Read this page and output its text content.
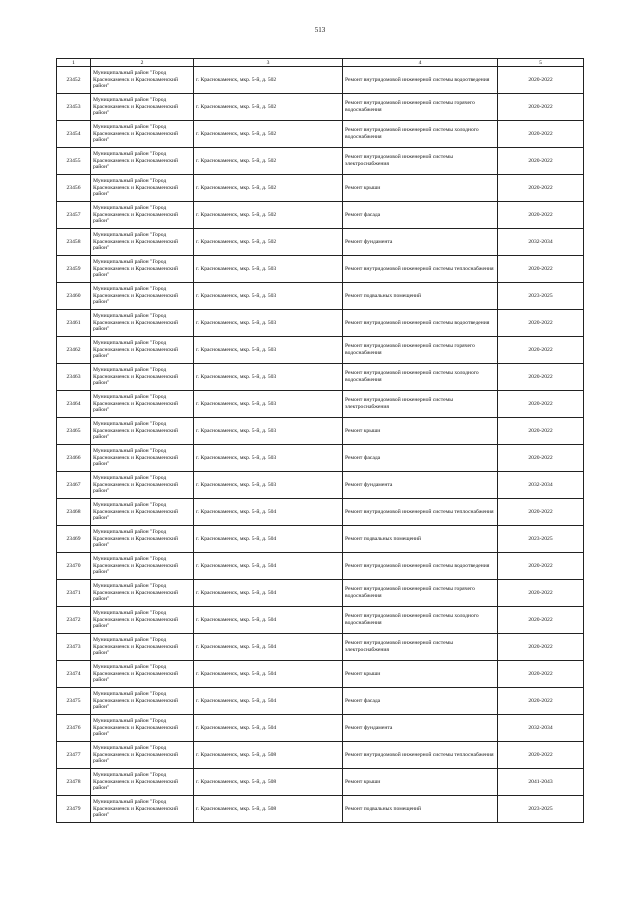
513
1	2	3	4	5
23452	Муниципальный район "Город Краснокаменск и Краснокаменский район"	г. Краснокаменск, мкр. 5-й, д. 502	Ремонт внутридомовой инженерной системы водоотведения	2020-2022
23453	Муниципальный район "Город Краснокаменск и Краснокаменский район"	г. Краснокаменск, мкр. 5-й, д. 502	Ремонт внутридомовой инженерной системы горячего водоснабжения	2020-2022
23454	Муниципальный район "Город Краснокаменск и Краснокаменский район"	г. Краснокаменск, мкр. 5-й, д. 502	Ремонт внутридомовой инженерной системы холодного водоснабжения	2020-2022
23455	Муниципальный район "Город Краснокаменск и Краснокаменский район"	г. Краснокаменск, мкр. 5-й, д. 502	Ремонт внутридомовой инженерной системы электроснабжения	2020-2022
23456	Муниципальный район "Город Краснокаменск и Краснокаменский район"	г. Краснокаменск, мкр. 5-й, д. 502	Ремонт крыши	2020-2022
23457	Муниципальный район "Город Краснокаменск и Краснокаменский район"	г. Краснокаменск, мкр. 5-й, д. 502	Ремонт фасада	2020-2022
23458	Муниципальный район "Город Краснокаменск и Краснокаменский район"	г. Краснокаменск, мкр. 5-й, д. 502	Ремонт фундамента	2032-2034
23459	Муниципальный район "Город Краснокаменск и Краснокаменский район"	г. Краснокаменск, мкр. 5-й, д. 503	Ремонт внутридомовой инженерной системы теплоснабжения	2020-2022
23460	Муниципальный район "Город Краснокаменск и Краснокаменский район"	г. Краснокаменск, мкр. 5-й, д. 503	Ремонт подвальных помещений	2023-2025
23461	Муниципальный район "Город Краснокаменск и Краснокаменский район"	г. Краснокаменск, мкр. 5-й, д. 503	Ремонт внутридомовой инженерной системы водоотведения	2020-2022
23462	Муниципальный район "Город Краснокаменск и Краснокаменский район"	г. Краснокаменск, мкр. 5-й, д. 503	Ремонт внутридомовой инженерной системы горячего водоснабжения	2020-2022
23463	Муниципальный район "Город Краснокаменск и Краснокаменский район"	г. Краснокаменск, мкр. 5-й, д. 503	Ремонт внутридомовой инженерной системы холодного водоснабжения	2020-2022
23464	Муниципальный район "Город Краснокаменск и Краснокаменский район"	г. Краснокаменск, мкр. 5-й, д. 503	Ремонт внутридомовой инженерной системы электроснабжения	2020-2022
23465	Муниципальный район "Город Краснокаменск и Краснокаменский район"	г. Краснокаменск, мкр. 5-й, д. 503	Ремонт крыши	2020-2022
23466	Муниципальный район "Город Краснокаменск и Краснокаменский район"	г. Краснокаменск, мкр. 5-й, д. 503	Ремонт фасада	2020-2022
23467	Муниципальный район "Город Краснокаменск и Краснокаменский район"	г. Краснокаменск, мкр. 5-й, д. 503	Ремонт фундамента	2032-2034
23468	Муниципальный район "Город Краснокаменск и Краснокаменский район"	г. Краснокаменск, мкр. 5-й, д. 504	Ремонт внутридомовой инженерной системы теплоснабжения	2020-2022
23469	Муниципальный район "Город Краснокаменск и Краснокаменский район"	г. Краснокаменск, мкр. 5-й, д. 504	Ремонт подвальных помещений	2023-2025
23470	Муниципальный район "Город Краснокаменск и Краснокаменский район"	г. Краснокаменск, мкр. 5-й, д. 504	Ремонт внутридомовой инженерной системы водоотведения	2020-2022
23471	Муниципальный район "Город Краснокаменск и Краснокаменский район"	г. Краснокаменск, мкр. 5-й, д. 504	Ремонт внутридомовой инженерной системы горячего водоснабжения	2020-2022
23472	Муниципальный район "Город Краснокаменск и Краснокаменский район"	г. Краснокаменск, мкр. 5-й, д. 504	Ремонт внутридомовой инженерной системы холодного водоснабжения	2020-2022
23473	Муниципальный район "Город Краснокаменск и Краснокаменский район"	г. Краснокаменск, мкр. 5-й, д. 504	Ремонт внутридомовой инженерной системы электроснабжения	2020-2022
23474	Муниципальный район "Город Краснокаменск и Краснокаменский район"	г. Краснокаменск, мкр. 5-й, д. 504	Ремонт крыши	2020-2022
23475	Муниципальный район "Город Краснокаменск и Краснокаменский район"	г. Краснокаменск, мкр. 5-й, д. 504	Ремонт фасада	2020-2022
23476	Муниципальный район "Город Краснокаменск и Краснокаменский район"	г. Краснокаменск, мкр. 5-й, д. 504	Ремонт фундамента	2032-2034
23477	Муниципальный район "Город Краснокаменск и Краснокаменский район"	г. Краснокаменск, мкр. 5-й, д. 508	Ремонт внутридомовой инженерной системы теплоснабжения	2020-2022
23478	Муниципальный район "Город Краснокаменск и Краснокаменский район"	г. Краснокаменск, мкр. 5-й, д. 508	Ремонт крыши	2041-2043
23479	Муниципальный район "Город Краснокаменск и Краснокаменский район"	г. Краснокаменск, мкр. 5-й, д. 508	Ремонт подвальных помещений	2023-2025
